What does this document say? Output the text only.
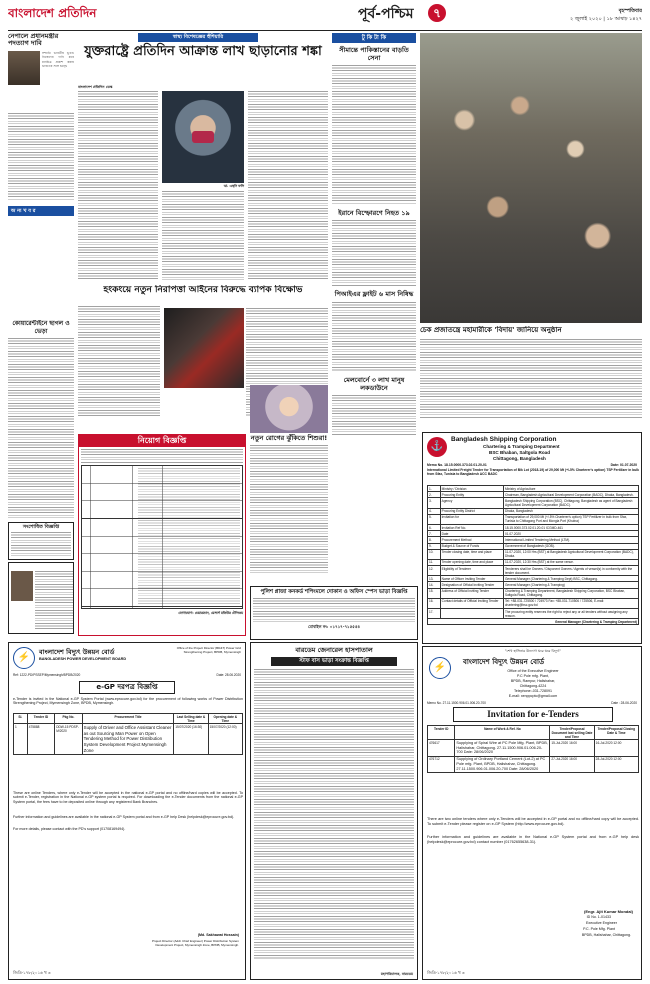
বাংলাদেশ প্রতিদিন	পূর্ব-পশ্চিম	৭	বৃহস্পতিবার
২ জুলাই ২০২০ | ১৮ আষাঢ় ১৪২৭
নেপালে প্রধানমন্ত্রীর পদত্যাগ দাবি
সম্প্রতি ভারতীয় ভূখণ্ড নিজেদের দাবি করে মানচিত্র প্রকাশ করায় ভারতের সঙ্গে দ্বন্দ্বে
স্বাস্থ্য বিশেষজ্ঞের হুঁশিয়ারি
যুক্তরাষ্ট্রে প্রতিদিন আক্রান্ত লাখ ছাড়ানোর শঙ্কা
বাংলাদেশ প্রতিদিন ডেস্ক
ডা. এন্থনি ফসি
টু কি টা কি
সীমান্তে পাকিস্তানের বাড়তি সেনা
ইরানে বিস্ফোরণে নিহত ১৯
পিআইএর ফ্লাইট ৬ মাস নিষিদ্ধ
মেলবোর্নে ৩ লাখ মানুষ লকডাউনে
অ ন্য খ ব র
হংকংয়ে নতুন নিরাপত্তা আইনের বিরুদ্ধে ব্যাপক বিক্ষোভ
কোয়ারেন্টাইনে ছাগল ও ভেড়া
নতুন রোগের ঝুঁকিতে শিশুরা!
চেক প্রজাতন্ত্রে মহামারীকে 'বিদায়' জানিয়ে অনুষ্ঠান
সংশোধিত বিজ্ঞপ্তি
নিয়োগ বিজ্ঞপ্তি
যোগাযোগ: চেয়ারম্যান, মেসার্স মতিউর টেলিকম
পুলিশ প্লাজা কনকর্ড শপিংমলে দোকান ও অফিস স্পেস ভাড়া বিজ্ঞপ্তি
মোবাইল নং: ০১৭১৭-৭১৫৫৫৪
⚓
Bangladesh Shipping Corporation
Chartering & Tramping Department
BSC Bhaban, Saltgola Road
Chittagong, Bangladesh
Memo No. 18.15.0000.373.02.01.20-01	Date: 01.07.2020
International Limited Freight Tender for Transportation of Bik Lot (2018-19) of 29,000 Mt (+/-5% Charterer's option) TSP Fertilizer in bulk from Sfax, Tunisia to Bangladesh ACC BADC
1.	Ministry / Division	Ministry of Agriculture
2.	Procuring Entity	Chairman, Bangladesh Agricultural Development Corporation (BADC), Dhaka, Bangladesh.
3.	Agency	Bangladesh Shipping Corporation (BSC), Chittagong, Bangladesh as agent of Bangladesh Agricultural Development Corporation (BADC).
4.	Procuring Entity District	Dhaka, Bangladesh
5.	Invitation for	Transportation of 29,000 Mt (+/-5% Charterer's option) TSP Fertilizer in bulk from Sfax, Tunisia to Chittagong Port and Mongla Port (Khulna)
6.	Invitation Ref No.	18.15.0000.373.02.01.20-01 ICGMD-461
7.	Date	01.07.2020
8.	Procurement Method	International Limited Tendering Method (LTM).
9.	Budget & Source of Funds	Government of Bangladesh (GOB).
10.	Tender closing date, time and place	11-07-2020, 12:00 Hrs (BST) at Bangladesh Agricultural Development Corporation (BADC), Dhaka.
11.	Tender opening date, time and place	11-07-2020, 12:30 Hrs (BST) at the same venue.
12.	Eligibility of Tenderer	Tenderers shall be Owners / Disponent Owners / Agents of vessel(s) in conformity with the tender document.
13.	Name of Officer Inviting Tender	General Manager (Chartering & Tramping Dept) BSC, Chittagong.
14.	Designation of Official Inviting Tender	General Manager (Chartering & Tramping)
15.	Address of Official Inviting Tender	Chartering & Tramping Department, Bangladesh Shipping Corporation, BSC Bhaban, Saltgola Road, Chittagong.
16.	Contact details of Official Inviting Tender	Tel: +88-031-725500 / 724973 Fax: +88-031-710506 / 725506, E-mail: chartering@bsc.gov.bd
17.		The procuring entity reserves the right to reject any or all tenders without assigning any reason.
General Manager (Chartering & Tramping Department)		
বারডেম জেনারেল হাসপাতাল
স্টাফ বাস ভাড়া সংক্রান্ত বিজ্ঞপ্তি
মহাপরিচালক, বারডেম
⚡	বাংলাদেশ বিদ্যুৎ উন্নয়ন বোর্ড
BANGLADESH POWER DEVELOPMENT BOARD
Office of the Project Director (BD&T) Power Grid Strengthening Project, BPDB, Mymensingh
Ref: 1222-PD/PSSEP/Mymensingh/BPDB/2020	Date: 28.06.2020
e-GP দরপত্র বিজ্ঞপ্তি
e-Tender is invited in the National e-GP System Portal (www.eprocure.gov.bd) for the procurement of following works of Power Distribution Strengthening Project, Mymensingh Zone, BPDB, Mymensingh.
Sl.	Tender ID	Pkg No.	Procurement Title	Last Selling date & Time	Opening date & Time
1	475888	DDW-15 PDSP-M/2020	Supply of Driver and Office Assistant Cleaner as out Sourcing Man Power on Open Tendering Method for Power Distribution System Development Project Mymensingh Zone	15/07/2020 (16:30)	15/07/2020 (12:00)
These are online Tenders, where only e-Tender will be accepted in the national e-GP portal and no offline/hard copies will be accepted. To submit e-Tender, registration in the National e-GP system portal is required. For downloading the e-Tender documents from the national e-GP System portal, the fees have to be deposited online through any registered Bank Branches.
Further information and guidelines are available in the national e-GP System portal and from e-GP help Desk (helpdesk@eprocure.gov.bd).
For more details, please contact with the PD's support (01708169494).
(Md. Sakhawat Hossain)
Project Director (Addl. Chief Engineer) Power Distribution System Development Project, Mymensingh Zone, BPDB, Mymensingh.
জিডি-১৭৮/২০১৬ খ ৩
"শেখ হাসিনার উদ্যোগ ঘরে ঘরে বিদ্যুৎ"
⚡	বাংলাদেশ বিদ্যুৎ উন্নয়ন বোর্ড
Office of the Executive Engineer
P.C Pole mfg. Plant,
BPDB, Rampur, Halishahar,
Chittagong-4224
Telephone:-031-728091
E-mail: xenppcptc@gmail.com
Memo No. 27.11.1500.906.01.006.20-700	Date : 28-06-2020
Invitation for e-Tenders
Tender ID	Name of Work & Ref. No	Tender/Proposal Document last selling Date and Time	Tender/Proposal Closing Date & Time
476617	Supplying of Spiral Wire at PC Pole Mfg. Plant, BPDB, Halishahar, Chittagong. 27.11.1500.906.01.006.20-700 Date: 28/06/2020	15-Jul-2020 16:00	16-Jul-2020 12:00
476712	Supplying of Ordinary Portland Cement (Lot-2) at PC Pole mfg. Plant, BPDB, Halishahar, Chittagong. 27.11.1500.906.01.006.20-700 Date: 28/06/2020	27-Jul-2020 16:00	28-Jul-2020 12:00
There are two online tenders where only e-Tenders will be accepted in e-GP portal and no offline/hard copy will be accepted. To submit e-Tender please register on e-GP System (http://www.eprocure.gov.bd).
Further information and guidelines are available in the National e-GP System portal and from e-GP help desk (helpdesk@eprocure.gov.bd) contact number (01762655638-31).
(Engr. Ajit Kumar Mondal)
ID No. 1-01433
Executive Engineer
P.C. Pole Mfg. Plant
BPDB, Halishahar, Chittagong.
জিডি-১৭৮/২০১৬ খ ৩
